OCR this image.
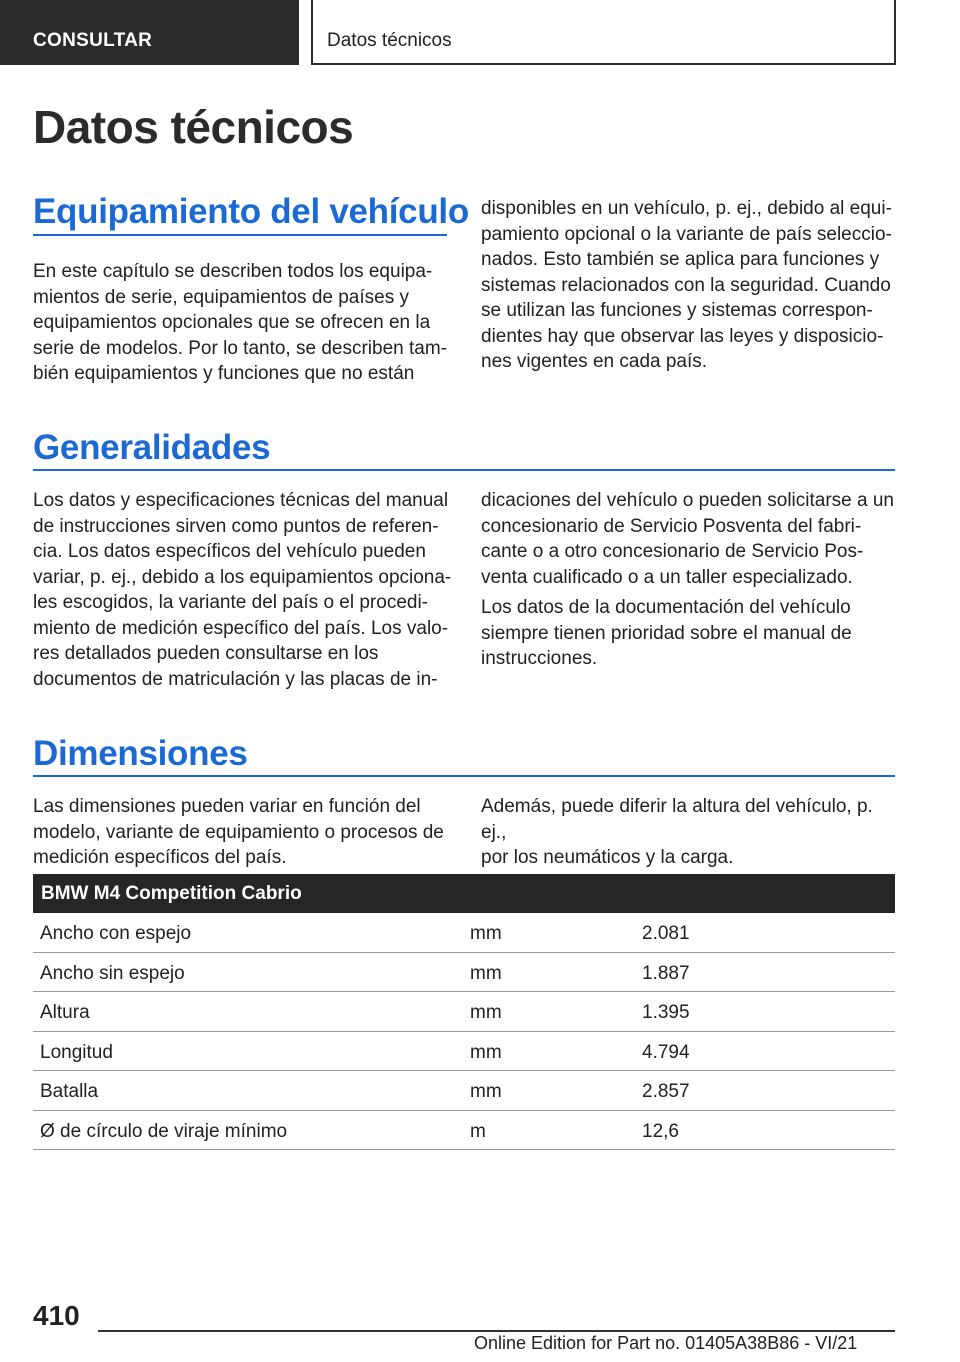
CONSULTAR	Datos técnicos
Datos técnicos
Equipamiento del vehículo
En este capítulo se describen todos los equipa-
mientos de serie, equipamientos de países y
equipamientos opcionales que se ofrecen en la
serie de modelos. Por lo tanto, se describen tam-
bién equipamientos y funciones que no están
disponibles en un vehículo, p. ej., debido al equi-
pamiento opcional o la variante de país seleccio-
nados. Esto también se aplica para funciones y
sistemas relacionados con la seguridad. Cuando
se utilizan las funciones y sistemas correspon-
dientes hay que observar las leyes y disposicio-
nes vigentes en cada país.
Generalidades
Los datos y especificaciones técnicas del manual
de instrucciones sirven como puntos de referen-
cia. Los datos específicos del vehículo pueden
variar, p. ej., debido a los equipamientos opciona-
les escogidos, la variante del país o el procedi-
miento de medición específico del país. Los valo-
res detallados pueden consultarse en los
documentos de matriculación y las placas de in-
dicaciones del vehículo o pueden solicitarse a un
concesionario de Servicio Posventa del fabri-
cante o a otro concesionario de Servicio Pos-
venta cualificado o a un taller especializado.
Los datos de la documentación del vehículo
siempre tienen prioridad sobre el manual de
instrucciones.
Dimensiones
Las dimensiones pueden variar en función del
modelo, variante de equipamiento o procesos de
medición específicos del país.
Además, puede diferir la altura del vehículo, p. ej.,
por los neumáticos y la carga.
BMW M4 Competition Cabrio
Ancho con espejo	mm	2.081
Ancho sin espejo	mm	1.887
Altura	mm	1.395
Longitud	mm	4.794
Batalla	mm	2.857
Ø de círculo de viraje mínimo	m	12,6
410
Online Edition for Part no. 01405A38B86 - VI/21
